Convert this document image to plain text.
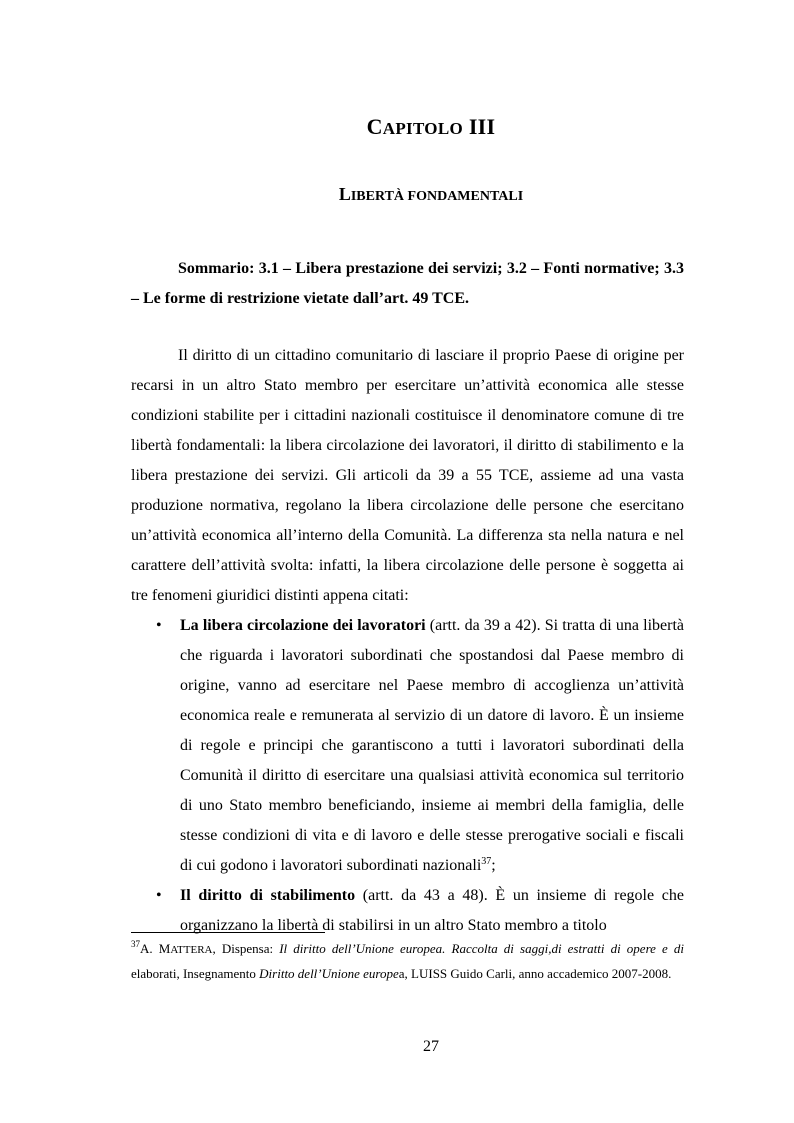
CAPITOLO III
LIBERTÀ FONDAMENTALI
Sommario: 3.1 – Libera prestazione dei servizi; 3.2 – Fonti normative; 3.3 – Le forme di restrizione vietate dall’art. 49 TCE.

Il diritto di un cittadino comunitario di lasciare il proprio Paese di origine per recarsi in un altro Stato membro per esercitare un’attività economica alle stesse condizioni stabilite per i cittadini nazionali costituisce il denominatore comune di tre libertà fondamentali: la libera circolazione dei lavoratori, il diritto di stabilimento e la libera prestazione dei servizi. Gli articoli da 39 a 55 TCE, assieme ad una vasta produzione normativa, regolano la libera circolazione delle persone che esercitano un’attività economica all’interno della Comunità. La differenza sta nella natura e nel carattere dell’attività svolta: infatti, la libera circolazione delle persone è soggetta ai tre fenomeni giuridici distinti appena citati:

• La libera circolazione dei lavoratori (artt. da 39 a 42). Si tratta di una libertà che riguarda i lavoratori subordinati che spostandosi dal Paese membro di origine, vanno ad esercitare nel Paese membro di accoglienza un’attività economica reale e remunerata al servizio di un datore di lavoro. È un insieme di regole e principi che garantiscono a tutti i lavoratori subordinati della Comunità il diritto di esercitare una qualsiasi attività economica sul territorio di uno Stato membro beneficiando, insieme ai membri della famiglia, delle stesse condizioni di vita e di lavoro e delle stesse prerogative sociali e fiscali di cui godono i lavoratori subordinati nazionali$^{37}$;
• Il diritto di stabilimento (artt. da 43 a 48). È un insieme di regole che organizzano la libertà di stabilirsi in un altro Stato membro a titolo
$^{37}$A. MATTERA, Dispensa: Il diritto dell’Unione europea. Raccolta di saggi,di estratti di opere e di elaborati, Insegnamento Diritto dell’Unione europea, LUISS Guido Carli, anno accademico 2007-2008.
27
